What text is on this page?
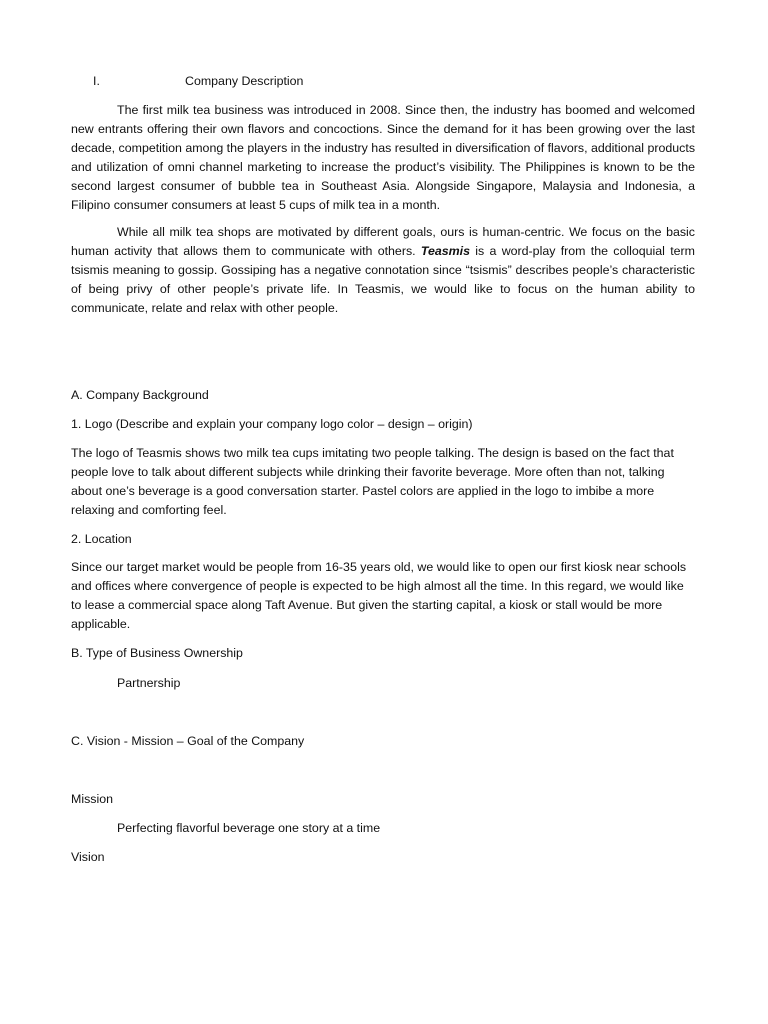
I.	Company Description

The first milk tea business was introduced in 2008. Since then, the industry has boomed and welcomed new entrants offering their own flavors and concoctions. Since the demand for it has been growing over the last decade, competition among the players in the industry has resulted in diversification of flavors, additional products and utilization of omni channel marketing to increase the product’s visibility. The Philippines is known to be the second largest consumer of bubble tea in Southeast Asia. Alongside Singapore, Malaysia and Indonesia, a Filipino consumer consumers at least 5 cups of milk tea in a month.

While all milk tea shops are motivated by different goals, ours is human-centric. We focus on the basic human activity that allows them to communicate with others. Teasmis is a word-play from the colloquial term tsismis meaning to gossip. Gossiping has a negative connotation since “tsismis” describes people’s characteristic of being privy of other people’s private life. In Teasmis, we would like to focus on the human ability to communicate, relate and relax with other people.

A. Company Background
1. Logo (Describe and explain your company logo color – design – origin)

The logo of Teasmis shows two milk tea cups imitating two people talking. The design is based on the fact that people love to talk about different subjects while drinking their favorite beverage. More often than not, talking about one’s beverage is a good conversation starter. Pastel colors are applied in the logo to imbibe a more relaxing and comforting feel.

2. Location

Since our target market would be people from 16-35 years old, we would like to open our first kiosk near schools and offices where convergence of people is expected to be high almost all the time. In this regard, we would like to lease a commercial space along Taft Avenue. But given the starting capital, a kiosk or stall would be more applicable.

B. Type of Business Ownership
Partnership
C. Vision - Mission – Goal of the Company
Mission
Perfecting flavorful beverage one story at a time
Vision
